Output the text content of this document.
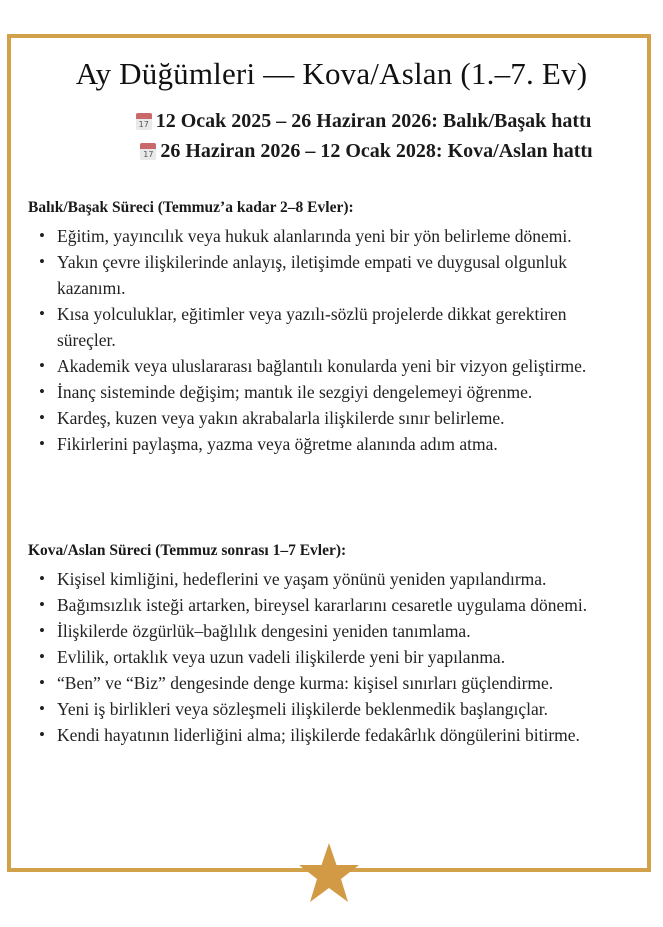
Ay Düğümleri — Kova/Aslan (1.–7. Ev)
17 12 Ocak 2025 – 26 Haziran 2026: Balık/Başak hattı
17 26 Haziran 2026 – 12 Ocak 2028: Kova/Aslan hattı
Balık/Başak Süreci (Temmuz’a kadar 2–8 Evler):
• Eğitim, yayıncılık veya hukuk alanlarında yeni bir yön belirleme dönemi.
• Yakın çevre ilişkilerinde anlayış, iletişimde empati ve duygusal olgunluk kazanımı.
• Kısa yolculuklar, eğitimler veya yazılı-sözlü projelerde dikkat gerektiren süreçler.
• Akademik veya uluslararası bağlantılı konularda yeni bir vizyon geliştirme.
• İnanç sisteminde değişim; mantık ile sezgiyi dengelemeyi öğrenme.
• Kardeş, kuzen veya yakın akrabalarla ilişkilerde sınır belirleme.
• Fikirlerini paylaşma, yazma veya öğretme alanında adım atma.
Kova/Aslan Süreci (Temmuz sonrası 1–7 Evler):
• Kişisel kimliğini, hedeflerini ve yaşam yönünü yeniden yapılandırma.
• Bağımsızlık isteği artarken, bireysel kararlarını cesaretle uygulama dönemi.
• İlişkilerde özgürlük–bağlılık dengesini yeniden tanımlama.
• Evlilik, ortaklık veya uzun vadeli ilişkilerde yeni bir yapılanma.
• “Ben” ve “Biz” dengesinde denge kurma: kişisel sınırları güçlendirme.
• Yeni iş birlikleri veya sözleşmeli ilişkilerde beklenmedik başlangıçlar.
• Kendi hayatının liderliğini alma; ilişkilerde fedakârlık döngülerini bitirme.
